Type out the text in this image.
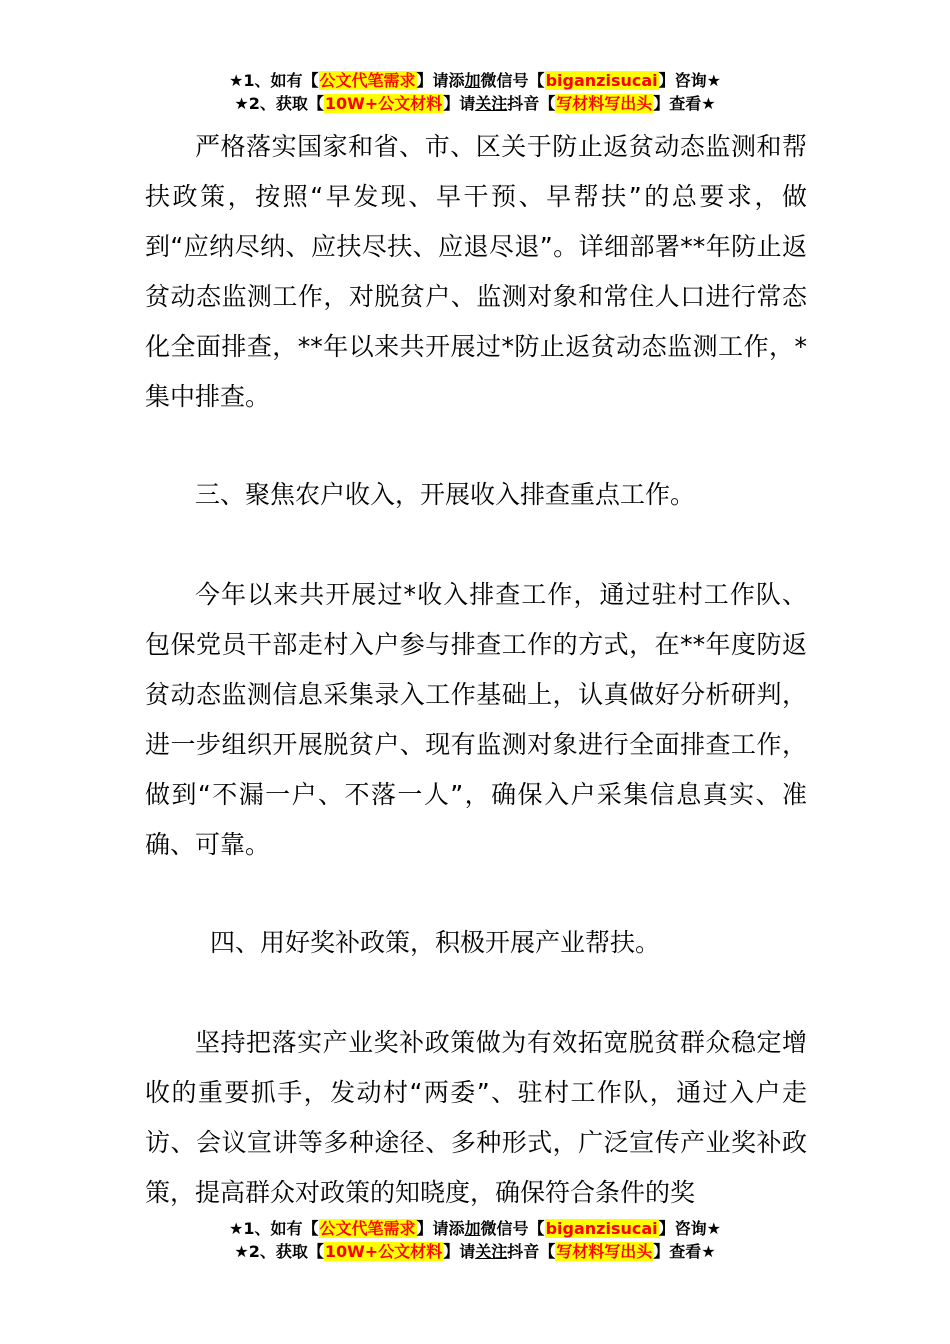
★1、如有【公文代笔需求】请添加微信号【biganzisucai】咨询★
★2、获取【10W+公文材料】请关注抖音【写材料写出头】查看★

严格落实国家和省、市、区关于防止返贫动态监测和帮扶政策，按照“早发现、早干预、早帮扶”的总要求，做到“应纳尽纳、应扶尽扶、应退尽退”。详细部署**年防止返贫动态监测工作，对脱贫户、监测对象和常住人口进行常态化全面排查，**年以来共开展过*防止返贫动态监测工作，*集中排查。

三、聚焦农户收入，开展收入排查重点工作。

今年以来共开展过*收入排查工作，通过驻村工作队、包保党员干部走村入户参与排查工作的方式，在**年度防返贫动态监测信息采集录入工作基础上，认真做好分析研判，进一步组织开展脱贫户、现有监测对象进行全面排查工作，做到“不漏一户、不落一人”，确保入户采集信息真实、准确、可靠。

四、用好奖补政策，积极开展产业帮扶。

坚持把落实产业奖补政策做为有效拓宽脱贫群众稳定增收的重要抓手，发动村“两委”、驻村工作队，通过入户走访、会议宣讲等多种途径、多种形式，广泛宣传产业奖补政策，提高群众对政策的知晓度，确保符合条件的奖

★1、如有【公文代笔需求】请添加微信号【biganzisucai】咨询★
★2、获取【10W+公文材料】请关注抖音【写材料写出头】查看★
